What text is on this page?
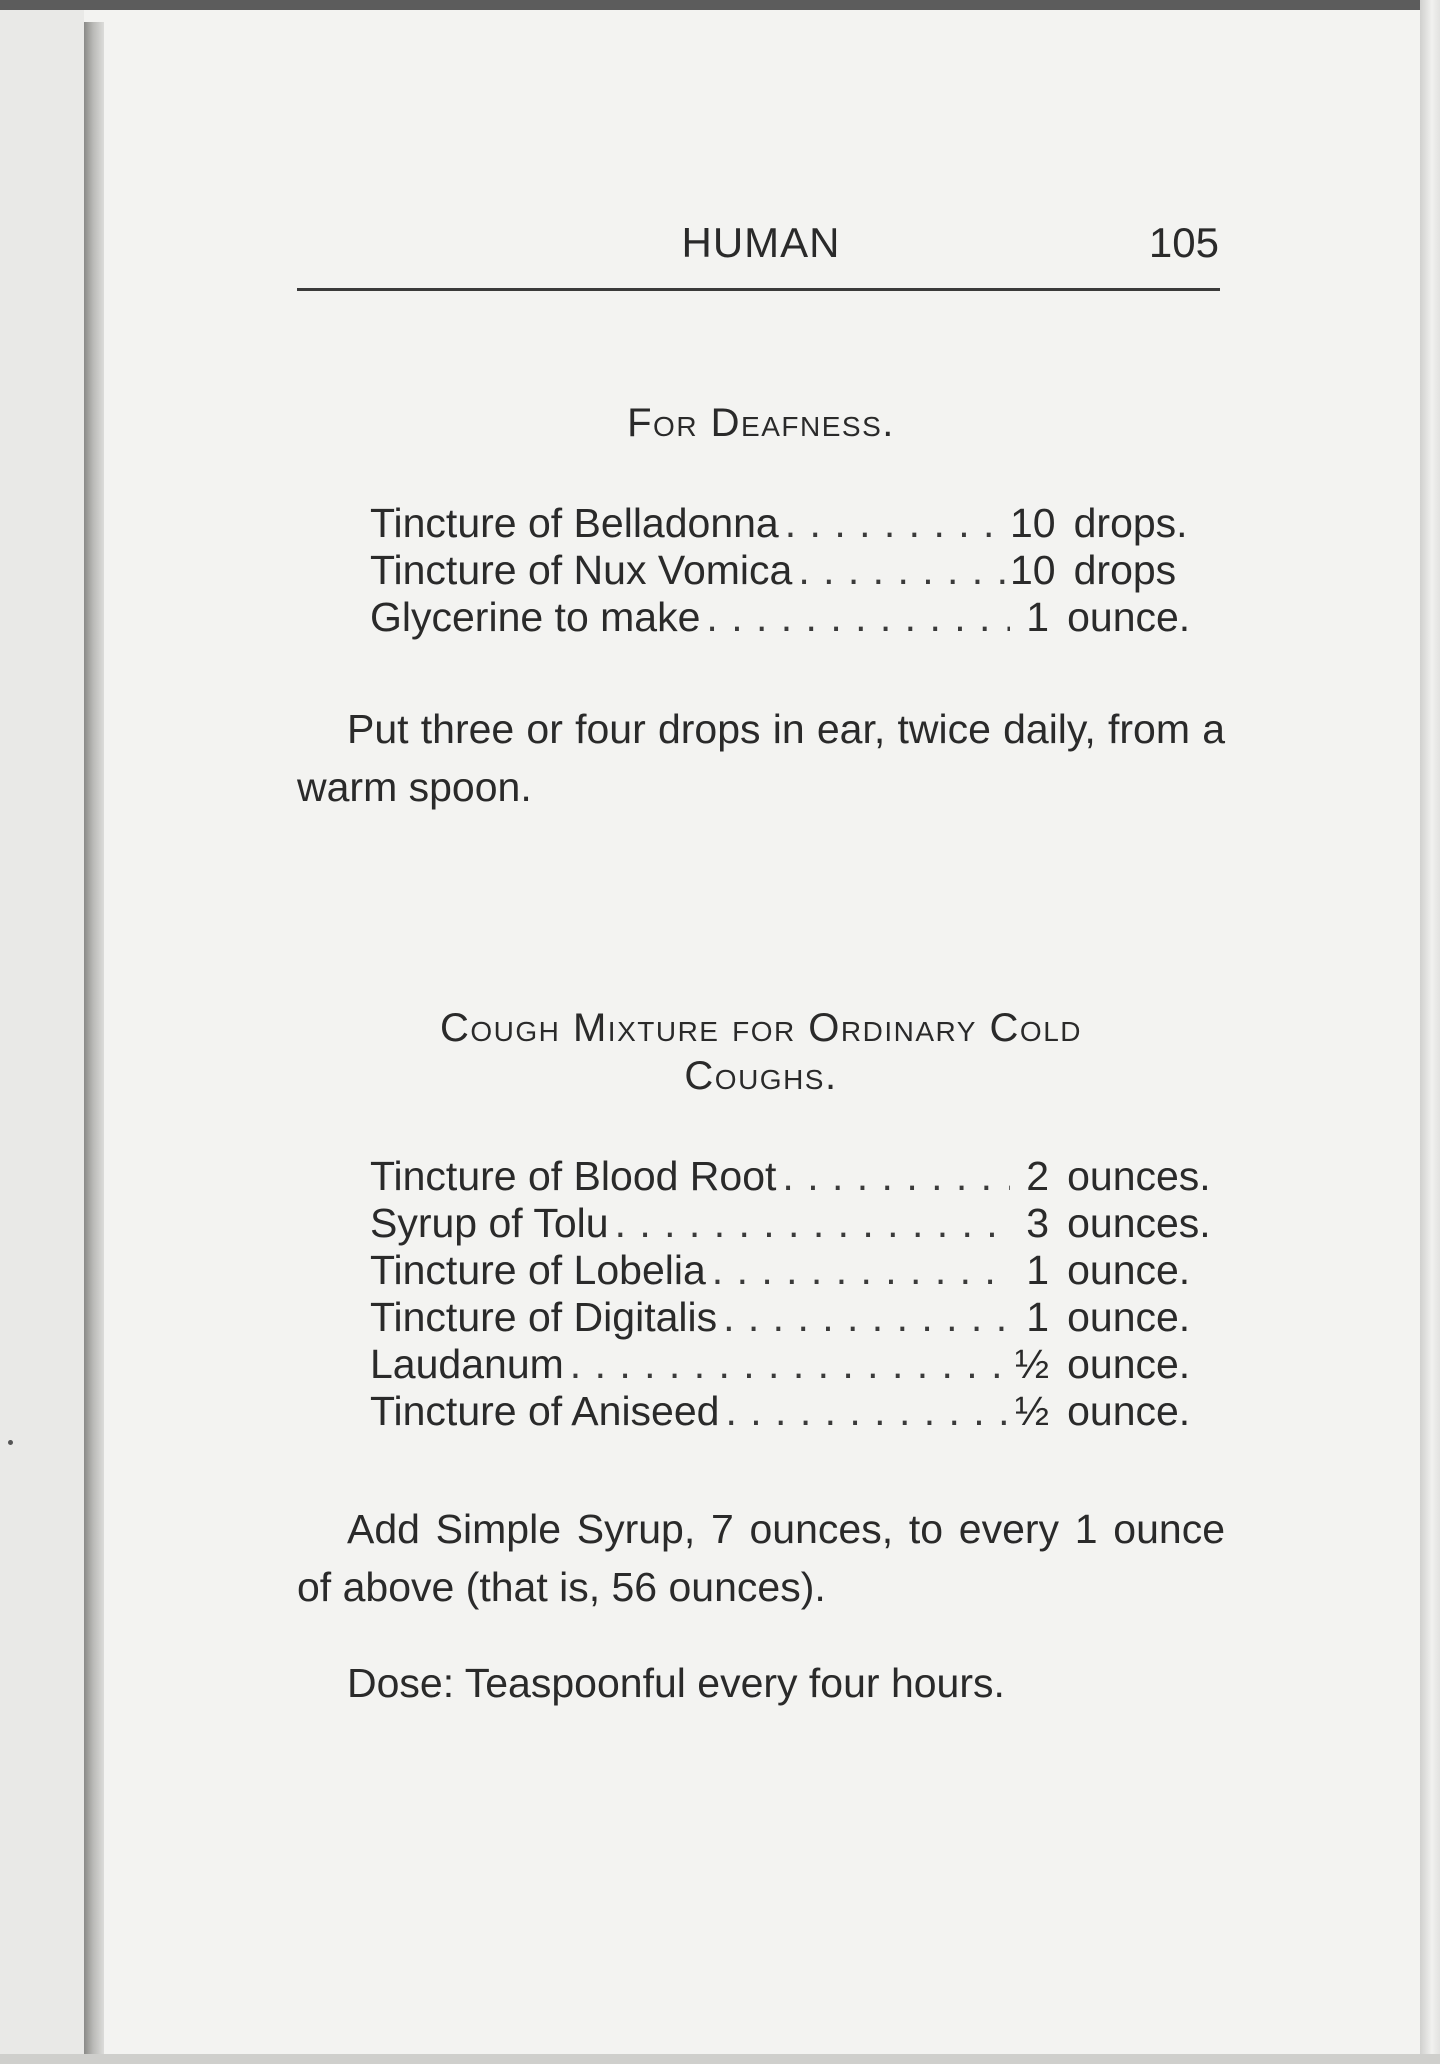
HUMAN	105
For Deafness.
Tincture of Belladonna . . .	10 drops.
Tincture of Nux Vomica . . .	10 drops
Glycerine to make . . .	1 ounce.
Put three or four drops in ear, twice daily, from a warm spoon.
Cough Mixture for Ordinary Cold
Coughs.
Tincture of Blood Root . . .	2 ounces.
Syrup of Tolu . . .	3 ounces.
Tincture of Lobelia . . .	1 ounce.
Tincture of Digitalis . . .	1 ounce.
Laudanum . . .	½ ounce.
Tincture of Aniseed . . .	½ ounce.
Add Simple Syrup, 7 ounces, to every 1 ounce of above (that is, 56 ounces).
Dose: Teaspoonful every four hours.
